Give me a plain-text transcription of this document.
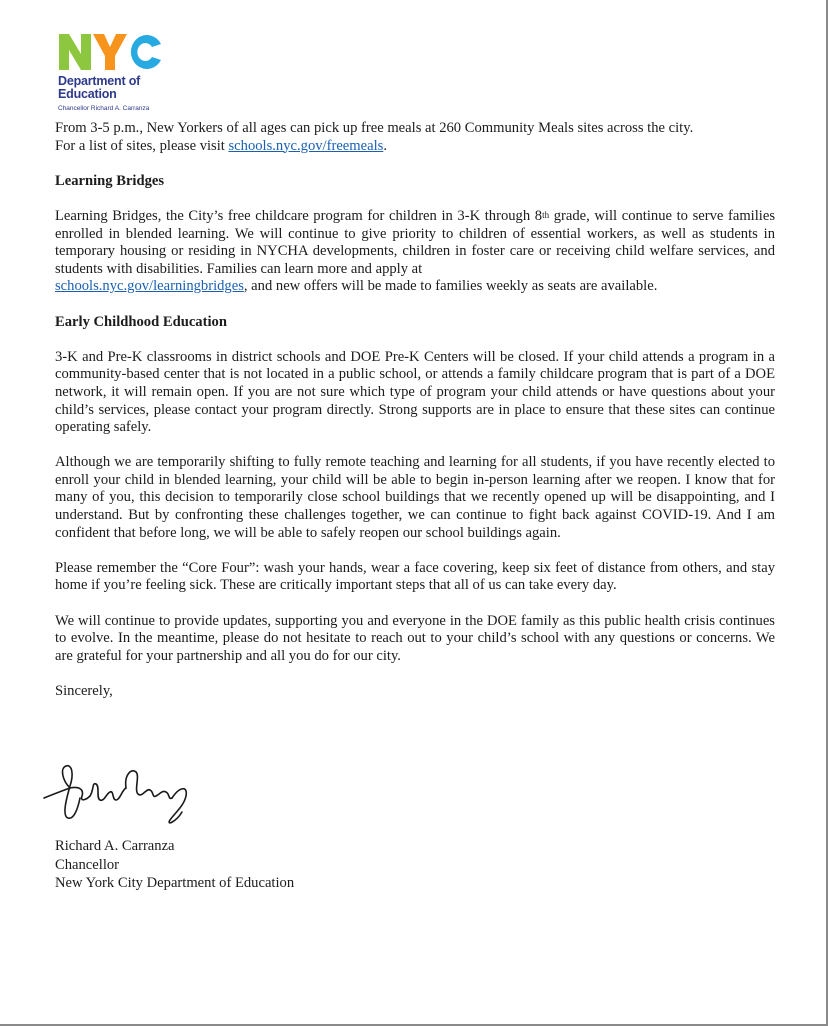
Department of Education
Chancellor Richard A. Carranza

From 3-5 p.m., New Yorkers of all ages can pick up free meals at 260 Community Meals sites across the city.
For a list of sites, please visit schools.nyc.gov/freemeals.

Learning Bridges

Learning Bridges, the City’s free childcare program for children in 3-K through 8th grade, will continue to serve families enrolled in blended learning. We will continue to give priority to children of essential workers, as well as students in temporary housing or residing in NYCHA developments, children in foster care or receiving child welfare services, and students with disabilities. Families can learn more and apply at
schools.nyc.gov/learningbridges, and new offers will be made to families weekly as seats are available.

Early Childhood Education

3-K and Pre-K classrooms in district schools and DOE Pre-K Centers will be closed. If your child attends a program in a community-based center that is not located in a public school, or attends a family childcare program that is part of a DOE network, it will remain open. If you are not sure which type of program your child attends or have questions about your child’s services, please contact your program directly. Strong supports are in place to ensure that these sites can continue operating safely.

Although we are temporarily shifting to fully remote teaching and learning for all students, if you have recently elected to enroll your child in blended learning, your child will be able to begin in-person learning after we reopen. I know that for many of you, this decision to temporarily close school buildings that we recently opened up will be disappointing, and I understand. But by confronting these challenges together, we can continue to fight back against COVID-19. And I am confident that before long, we will be able to safely reopen our school buildings again.

Please remember the “Core Four”: wash your hands, wear a face covering, keep six feet of distance from others, and stay home if you’re feeling sick. These are critically important steps that all of us can take every day.

We will continue to provide updates, supporting you and everyone in the DOE family as this public health crisis continues to evolve. In the meantime, please do not hesitate to reach out to your child’s school with any questions or concerns. We are grateful for your partnership and all you do for our city.

Sincerely,

Richard A. Carranza
Chancellor
New York City Department of Education
